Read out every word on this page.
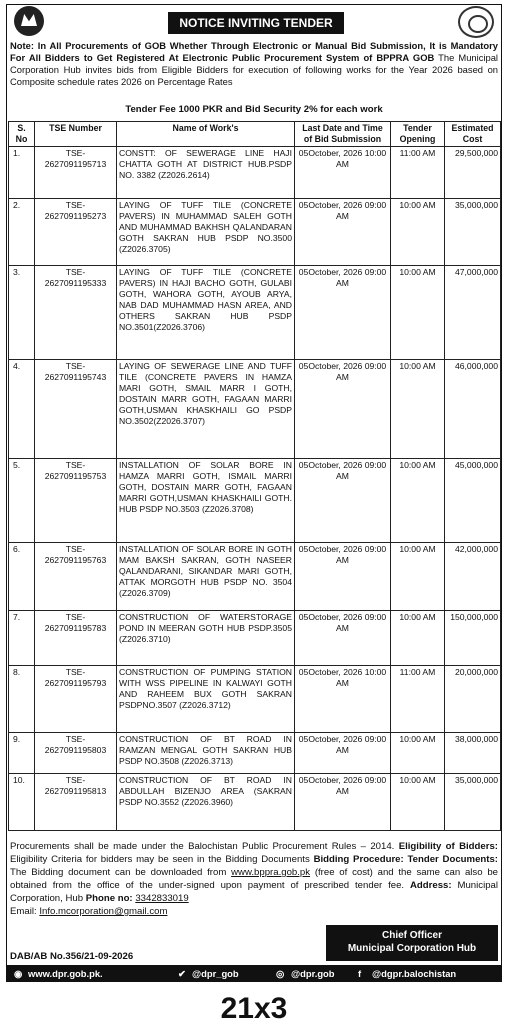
NOTICE INVITING TENDER
Note: In All Procurements of GOB Whether Through Electronic or Manual Bid Submission, It is Mandatory For All Bidders to Get Registered At Electronic Public Procurement System of BPPRA GOB The Municipal Corporation Hub invites bids from Eligible Bidders for execution of following works for the Year 2026 based on Composite schedule rates 2026 on Percentage Rates
Tender Fee 1000 PKR and Bid Security 2% for each work
S. No	TSE Number	Name of Work's	Last Date and Time of Bid Submission	Tender Opening	Estimated Cost
1.	TSE-2627091195713	CONSTT: OF SEWERAGE LINE HAJI CHATTA GOTH AT DISTRICT HUB.PSDP NO. 3382 (Z2026.2614)	05October, 2026 10:00 AM	11:00 AM	29,500,000
2.	TSE-2627091195273	LAYING OF TUFF TILE (CONCRETE PAVERS) IN MUHAMMAD SALEH GOTH AND MUHAMMAD BAKHSH QALANDARAN GOTH SAKRAN HUB PSDP NO.3500 (Z2026.3705)	05October, 2026 09:00 AM	10:00 AM	35,000,000
3.	TSE-2627091195333	LAYING OF TUFF TILE (CONCRETE PAVERS) IN HAJI BACHO GOTH, GULABI GOTH, WAHORA GOTH, AYOUB ARYA, NAB DAD MUHAMMAD HASN AREA, AND OTHERS SAKRAN HUB PSDP NO.3501(Z2026.3706)	05October, 2026 09:00 AM	10:00 AM	47,000,000
4.	TSE-2627091195743	LAYING OF SEWERAGE LINE AND TUFF TILE (CONCRETE PAVERS IN HAMZA MARI GOTH, SMAIL MARR I GOTH, DOSTAIN MARR GOTH, FAGAAN MARRI GOTH,USMAN KHASKHAILI GO PSDP NO.3502(Z2026.3707)	05October, 2026 09:00 AM	10:00 AM	46,000,000
5.	TSE-2627091195753	INSTALLATION OF SOLAR BORE IN HAMZA MARRI GOTH, ISMAIL MARRI GOTH, DOSTAIN MARR GOTH, FAGAAN MARRI GOTH,USMAN KHASKHAILI GOTH. HUB PSDP NO.3503 (Z2026.3708)	05October, 2026 09:00 AM	10:00 AM	45,000,000
6.	TSE-2627091195763	INSTALLATION OF SOLAR BORE IN GOTH MAM BAKSH SAKRAN, GOTH NASEER QALANDARANI, SIKANDAR MARI GOTH, ATTAK MORGOTH HUB PSDP NO. 3504 (Z2026.3709)	05October, 2026 09:00 AM	10:00 AM	42,000,000
7.	TSE-2627091195783	CONSTRUCTION OF WATERSTORAGE POND IN MEERAN GOTH HUB PSDP.3505 (Z2026.3710)	05October, 2026 09:00 AM	10:00 AM	150,000,000
8.	TSE-2627091195793	CONSTRUCTION OF PUMPING STATION WITH WSS PIPELINE IN KALWAYI GOTH AND RAHEEM BUX GOTH SAKRAN PSDPNO.3507 (Z2026.3712)	05October, 2026 10:00 AM	11:00 AM	20,000,000
9.	TSE-2627091195803	CONSTRUCTION OF BT ROAD IN RAMZAN MENGAL GOTH SAKRAN HUB PSDP NO.3508 (Z2026.3713)	05October, 2026 09:00 AM	10:00 AM	38,000,000
10.	TSE-2627091195813	CONSTRUCTION OF BT ROAD IN ABDULLAH BIZENJO AREA (SAKRAN PSDP NO.3552 (Z2026.3960)	05October, 2026 09:00 AM	10:00 AM	35,000,000
Procurements shall be made under the Balochistan Public Procurement Rules – 2014. Eligibility of Bidders: Eligibility Criteria for bidders may be seen in the Bidding Documents Bidding Procedure: Tender Documents: The Bidding document can be downloaded from www.bppra.gob.pk (free of cost) and the same can also be obtained from the office of the under-signed upon payment of prescribed tender fee. Address: Municipal Corporation, Hub Phone no: 3342833019
Email: Info.mcorporation@gmail.com
Chief Officer
Municipal Corporation Hub
DAB/AB No.356/21-09-2026
◉ www.dpr.gob.pk.	✔ @dpr_gob	◎ @dpr.gob f @dgpr.balochistan
21x3
